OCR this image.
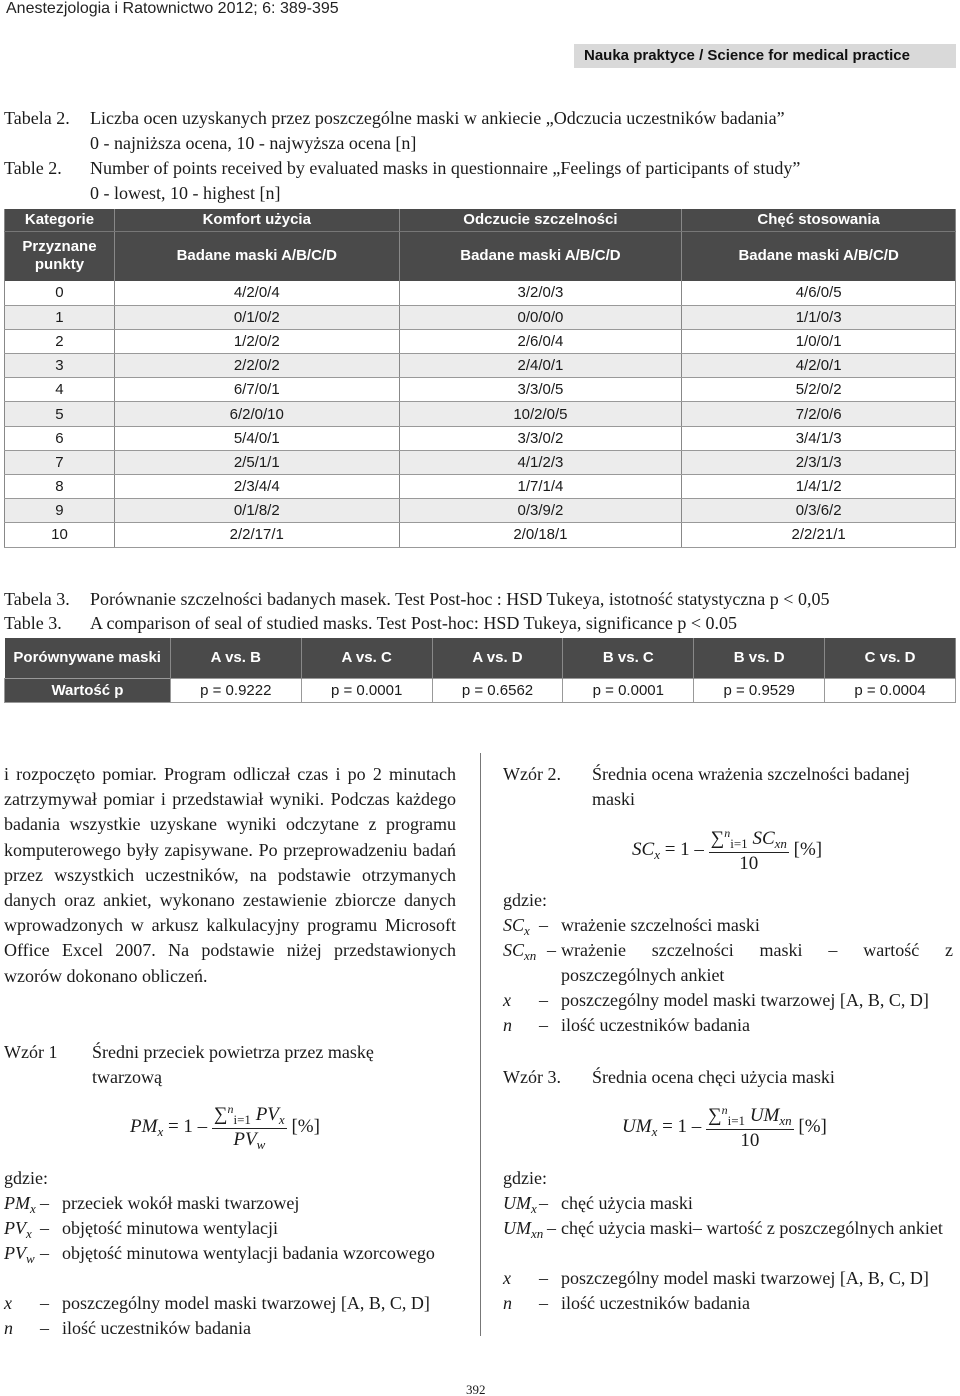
Anestezjologia i Ratownictwo 2012; 6: 389-395
Nauka praktyce / Science for medical practice
Tabela 2. Liczba ocen uzyskanych przez poszczególne maski w ankiecie „Odczucia uczestników badania”
0 - najniższa ocena, 10 - najwyższa ocena [n]
Table 2. Number of points received by evaluated masks in questionnaire „Feelings of participants of study”
0 - lowest, 10 - highest [n]
Kategorie	Komfort użycia	Odczucie szczelności	Chęć stosowania
Przyznane punkty	Badane maski A/B/C/D	Badane maski A/B/C/D	Badane maski A/B/C/D
0	4/2/0/4	3/2/0/3	4/6/0/5
1	0/1/0/2	0/0/0/0	1/1/0/3
2	1/2/0/2	2/6/0/4	1/0/0/1
3	2/2/0/2	2/4/0/1	4/2/0/1
4	6/7/0/1	3/3/0/5	5/2/0/2
5	6/2/0/10	10/2/0/5	7/2/0/6
6	5/4/0/1	3/3/0/2	3/4/1/3
7	2/5/1/1	4/1/2/3	2/3/1/3
8	2/3/4/4	1/7/1/4	1/4/1/2
9	0/1/8/2	0/3/9/2	0/3/6/2
10	2/2/17/1	2/0/18/1	2/2/21/1
Tabela 3. Porównanie szczelności badanych masek. Test Post-hoc : HSD Tukeya, istotność statystyczna p < 0,05
Table 3. A comparison of seal of studied masks. Test Post-hoc: HSD Tukeya, significance p < 0.05
Porównywane maski	A vs. B	A vs. C	A vs. D	B vs. C	B vs. D	C vs. D
Wartość p	p = 0.9222	p = 0.0001	p = 0.6562	p = 0.0001	p = 0.9529	p = 0.0004
i rozpoczęto pomiar. Program odliczał czas i po 2 minutach zatrzymywał pomiar i przedstawiał wyniki. Podczas każdego badania wszystkie uzyskane wyniki odczytane z programu komputerowego były zapisywane. Po przeprowadzeniu badań przez wszystkich uczestników, na podstawie otrzymanych danych oraz ankiet, wykonano zestawienie zbiorcze danych wprowadzonych w arkusz kalkulacyjny programu Microsoft Office Excel 2007. Na podstawie niżej przedstawionych wzorów dokonano obliczeń.
Wzór 1 Średni przeciek powietrza przez maskę twarzową
$PM_x = 1 - \frac{\sum^n_{i=1} PV_x}{PV_w}$ [%]
gdzie:
$PM_x$ – przeciek wokół maski twarzowej
$PV_x$ – objętość minutowa wentylacji
$PV_w$ – objętość minutowa wentylacji badania wzorcowego
x – poszczególny model maski twarzowej [A, B, C, D]
n – ilość uczestników badania
Wzór 2. Średnia ocena wrażenia szczelności badanej maski
$SC_x = 1 - \frac{\sum^n_{i=1} SC_{xn}}{10}$ [%]
gdzie:
$SC_x$ – wrażenie szczelności maski
$SC_{xn}$ – wrażenie szczelności maski – wartość z poszczególnych ankiet
x – poszczególny model maski twarzowej [A, B, C, D]
n – ilość uczestników badania
Wzór 3. Średnia ocena chęci użycia maski
$UM_x = 1 - \frac{\sum^n_{i=1} UM_{xn}}{10}$ [%]
gdzie:
$UM_x$ – chęć użycia maski
$UM_{xn}$ – chęć użycia maski– wartość z poszczególnych ankiet
x – poszczególny model maski twarzowej [A, B, C, D]
n – ilość uczestników badania
392
